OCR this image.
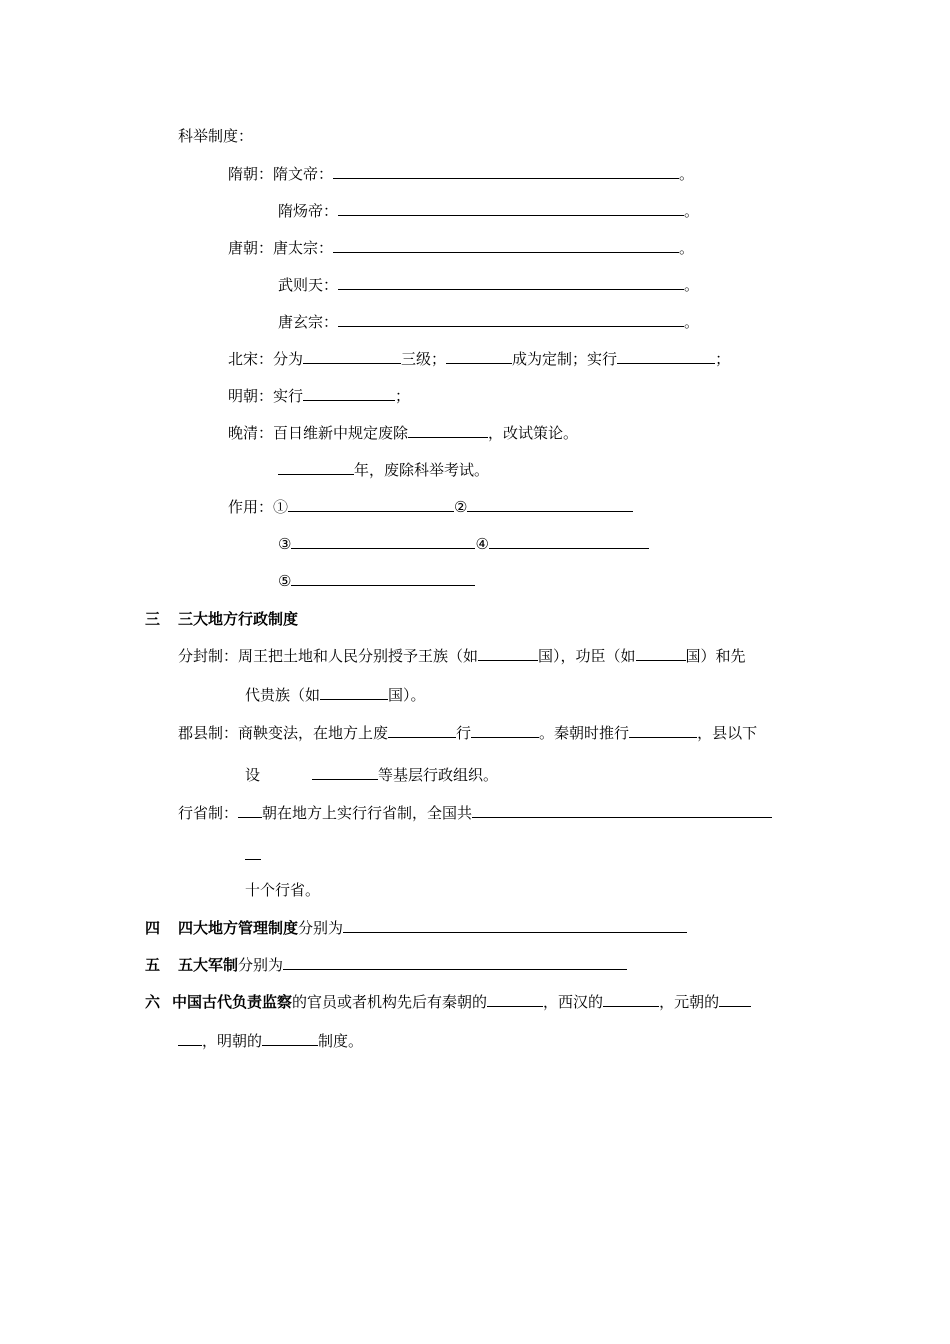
科举制度：
隋朝：隋文帝：	。
隋炀帝：	。
唐朝：唐太宗：	。
武则天：	。
唐玄宗：	。
北宋：分为	三级；	成为定制；实行	；
明朝：实行	；
晚清：百日维新中规定废除	，改试策论。
年，废除科举考试。
作用：①	②
③	④
⑤
三 三大地方行政制度
分封制：周王把土地和人民分别授予王族（如	国），功臣（如	国）和先
代贵族（如	国）。
郡县制：商鞅变法，在地方上废	行	。秦朝时推行	，县以下
设	等基层行政组织。
行省制： 朝在地方上实行行省制，全国共
十个行省。
四 四大地方管理制度分别为
五 五大军制分别为
六 中国古代负责监察的官员或者机构先后有秦朝的	，西汉的	，元朝的
，明朝的	制度。
